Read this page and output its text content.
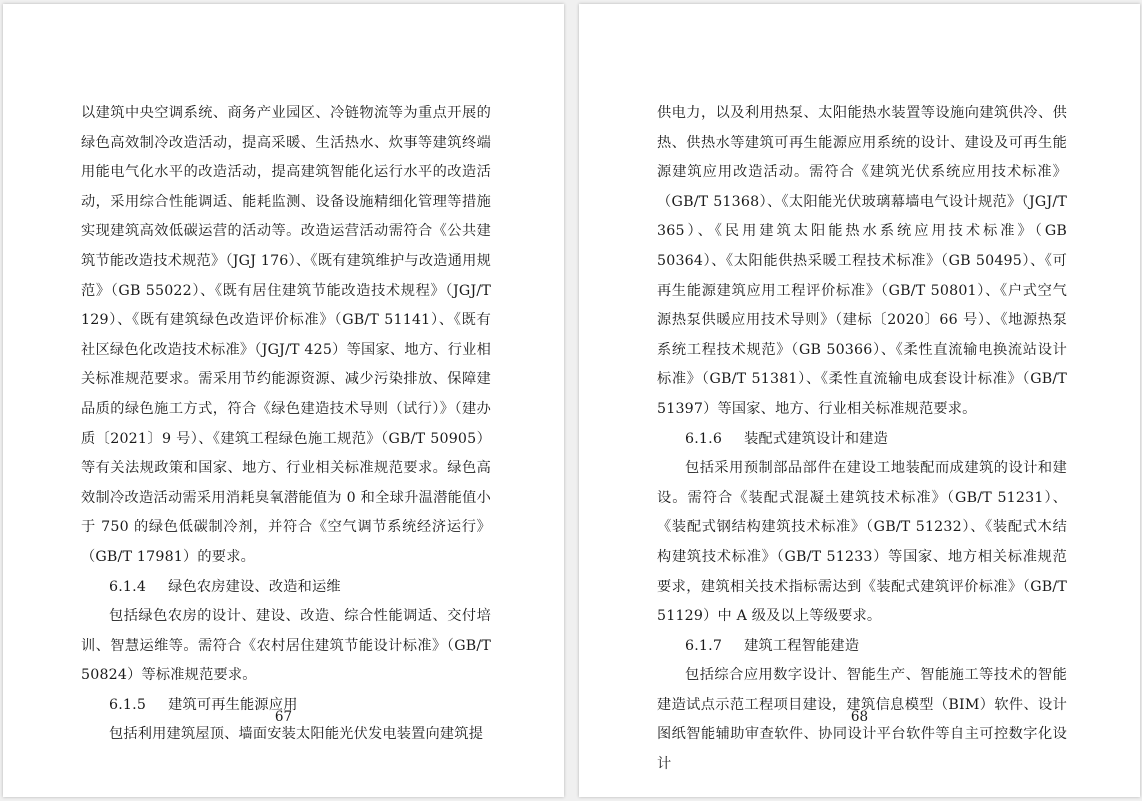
以建筑中央空调系统、商务产业园区、冷链物流等为重点开展的绿色高效制冷改造活动，提高采暖、生活热水、炊事等建筑终端用能电气化水平的改造活动，提高建筑智能化运行水平的改造活动，采用综合性能调适、能耗监测、设备设施精细化管理等措施实现建筑高效低碳运营的活动等。改造运营活动需符合《公共建筑节能改造技术规范》（JGJ 176）、《既有建筑维护与改造通用规范》（GB 55022）、《既有居住建筑节能改造技术规程》（JGJ/T 129）、《既有建筑绿色改造评价标准》（GB/T 51141）、《既有社区绿色化改造技术标准》（JGJ/T 425）等国家、地方、行业相关标准规范要求。需采用节约能源资源、减少污染排放、保障建品质的绿色施工方式，符合《绿色建造技术导则（试行）》（建办质〔2021〕9 号）、《建筑工程绿色施工规范》（GB/T 50905）等有关法规政策和国家、地方、行业相关标准规范要求。绿色高效制冷改造活动需采用消耗臭氧潜能值为 0 和全球升温潜能值小于 750 的绿色低碳制冷剂，并符合《空气调节系统经济运行》（GB/T 17981）的要求。

6.1.4 绿色农房建设、改造和运维

包括绿色农房的设计、建设、改造、综合性能调适、交付培训、智慧运维等。需符合《农村居住建筑节能设计标准》（GB/T 50824）等标准规范要求。

6.1.5 建筑可再生能源应用

包括利用建筑屋顶、墙面安装太阳能光伏发电装置向建筑提

67

供电力，以及利用热泵、太阳能热水装置等设施向建筑供冷、供热、供热水等建筑可再生能源应用系统的设计、建设及可再生能源建筑应用改造活动。需符合《建筑光伏系统应用技术标准》（GB/T 51368）、《太阳能光伏玻璃幕墙电气设计规范》（JGJ/T 365）、《民用建筑太阳能热水系统应用技术标准》（GB 50364）、《太阳能供热采暖工程技术标准》（GB 50495）、《可再生能源建筑应用工程评价标准》（GB/T 50801）、《户式空气源热泵供暖应用技术导则》（建标〔2020〕66 号）、《地源热泵系统工程技术规范》（GB 50366）、《柔性直流输电换流站设计标准》（GB/T 51381）、《柔性直流输电成套设计标准》（GB/T 51397）等国家、地方、行业相关标准规范要求。

6.1.6 装配式建筑设计和建造

包括采用预制部品部件在建设工地装配而成建筑的设计和建设。需符合《装配式混凝土建筑技术标准》（GB/T 51231）、《装配式钢结构建筑技术标准》（GB/T 51232）、《装配式木结构建筑技术标准》（GB/T 51233）等国家、地方相关标准规范要求，建筑相关技术指标需达到《装配式建筑评价标准》（GB/T 51129）中 A 级及以上等级要求。

6.1.7 建筑工程智能建造

包括综合应用数字设计、智能生产、智能施工等技术的智能建造试点示范工程项目建设，建筑信息模型（BIM）软件、设计图纸智能辅助审查软件、协同设计平台软件等自主可控数字化设计

68
